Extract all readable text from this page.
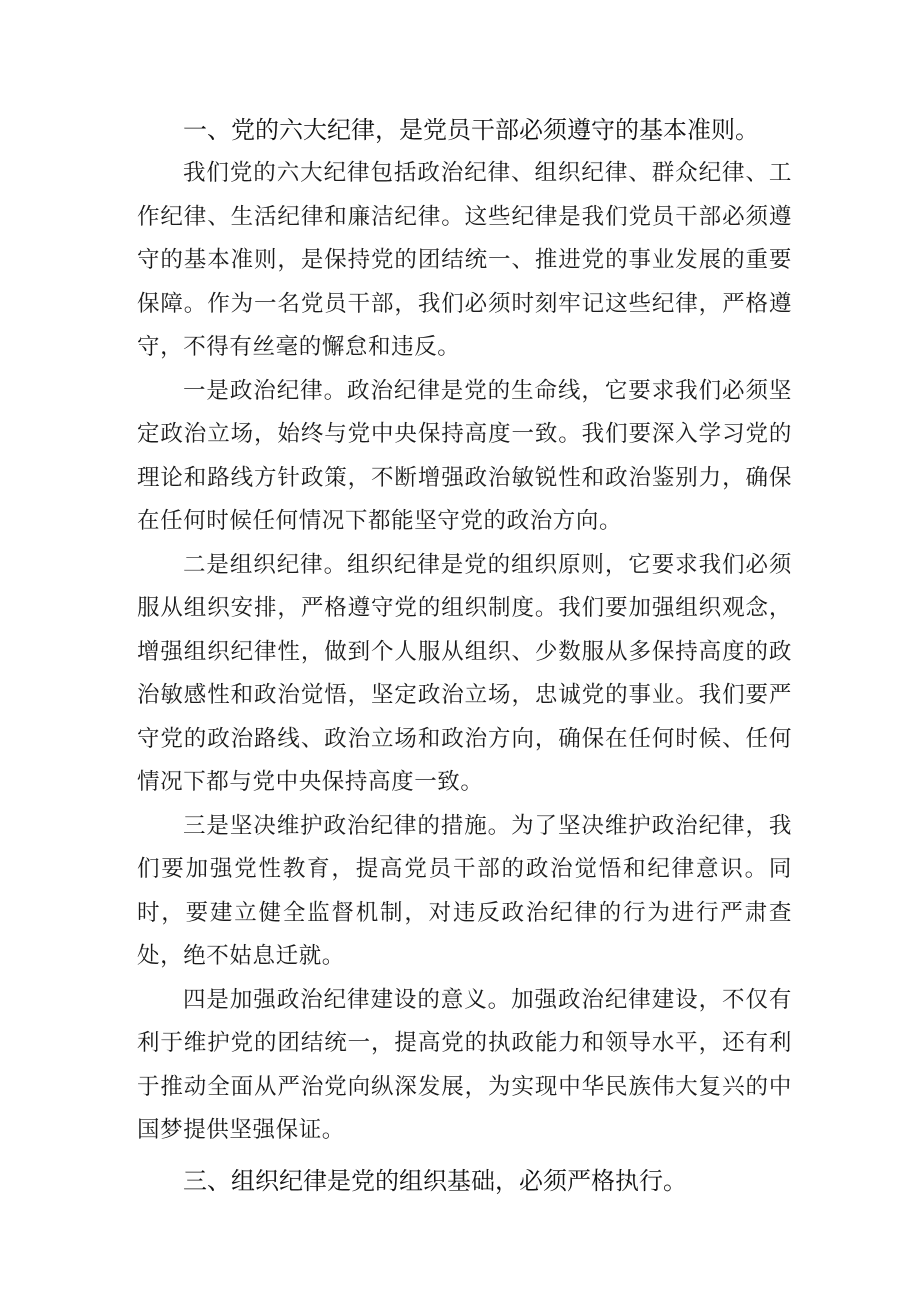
一、党的六大纪律，是党员干部必须遵守的基本准则。

我们党的六大纪律包括政治纪律、组织纪律、群众纪律、工作纪律、生活纪律和廉洁纪律。这些纪律是我们党员干部必须遵守的基本准则，是保持党的团结统一、推进党的事业发展的重要保障。作为一名党员干部，我们必须时刻牢记这些纪律，严格遵守，不得有丝毫的懈怠和违反。

一是政治纪律。政治纪律是党的生命线，它要求我们必须坚定政治立场，始终与党中央保持高度一致。我们要深入学习党的理论和路线方针政策，不断增强政治敏锐性和政治鉴别力，确保在任何时候任何情况下都能坚守党的政治方向。

二是组织纪律。组织纪律是党的组织原则，它要求我们必须服从组织安排，严格遵守党的组织制度。我们要加强组织观念，增强组织纪律性，做到个人服从组织、少数服从多保持高度的政治敏感性和政治觉悟，坚定政治立场，忠诚党的事业。我们要严守党的政治路线、政治立场和政治方向，确保在任何时候、任何情况下都与党中央保持高度一致。

三是坚决维护政治纪律的措施。为了坚决维护政治纪律，我们要加强党性教育，提高党员干部的政治觉悟和纪律意识。同时，要建立健全监督机制，对违反政治纪律的行为进行严肃查处，绝不姑息迁就。

四是加强政治纪律建设的意义。加强政治纪律建设，不仅有利于维护党的团结统一，提高党的执政能力和领导水平，还有利于推动全面从严治党向纵深发展，为实现中华民族伟大复兴的中国梦提供坚强保证。

三、组织纪律是党的组织基础，必须严格执行。
